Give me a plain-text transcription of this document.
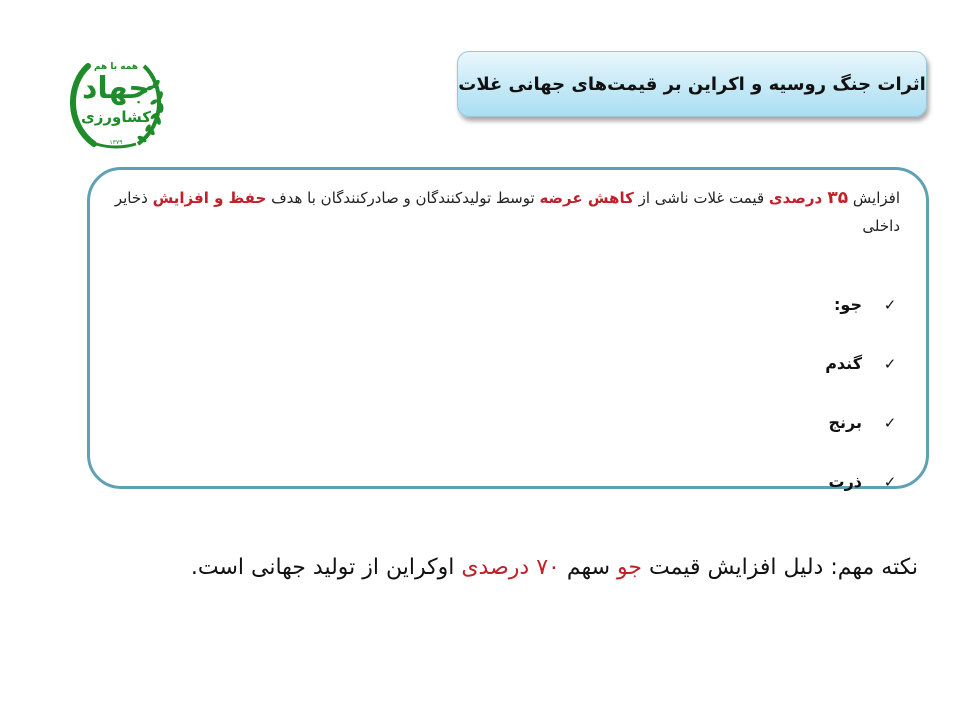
همه با هم
جهاد
کشاورزی
۱۳۷۹
اثرات جنگ روسیه و اکراین بر قیمت‌های جهانی غلات
افزایش ۳۵ درصدی قیمت غلات ناشی از کاهش عرضه توسط تولیدکنندگان و صادرکنندگان با هدف حفظ و افزایش ذخایر داخلی
✓
جو:
✓
گندم
✓
برنج
✓
ذرت
نکته مهم: دلیل افزایش قیمت جو سهم ۷۰ درصدی اوکراین از تولید جهانی است.
